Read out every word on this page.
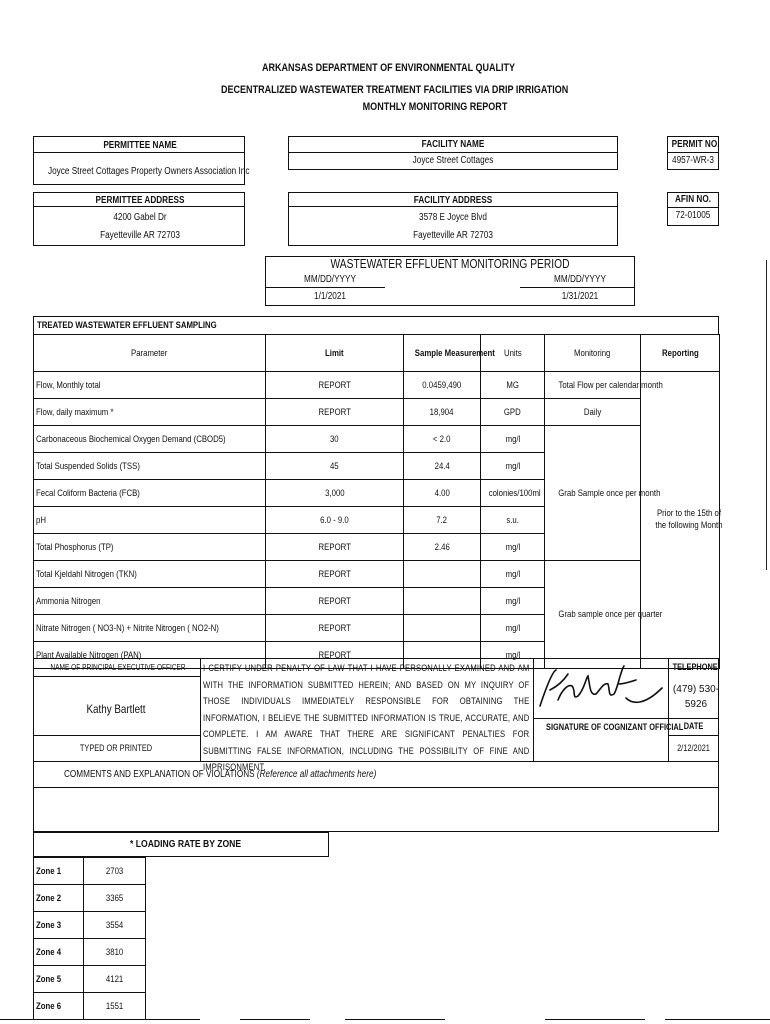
ARKANSAS DEPARTMENT OF ENVIRONMENTAL QUALITY
DECENTRALIZED WASTEWATER TREATMENT FACILITIES VIA DRIP IRRIGATION
MONTHLY MONITORING REPORT
PERMITTEE NAME
Joyce Street Cottages Property Owners Association Inc
PERMITTEE ADDRESS
4200 Gabel Dr
Fayetteville AR 72703
FACILITY NAME
Joyce Street Cottages
FACILITY ADDRESS
3578 E Joyce Blvd
Fayetteville AR 72703
PERMIT NO.
4957-WR-3
AFIN NO.
72-01005
WASTEWATER EFFLUENT MONITORING PERIOD
MM/DD/YYYY
1/1/2021
MM/DD/YYYY
1/31/2021
TREATED WASTEWATER EFFLUENT SAMPLING
Parameter	Limit	Sample Measurement	Units	Monitoring	Reporting
Flow, Monthly total	REPORT	0.0459,490	MG	Total Flow per calendar month	Prior to the 15th of the following Month
Flow, daily maximum *	REPORT	18,904	GPD	Daily	
Carbonaceous Biochemical Oxygen Demand (CBOD5)	30	< 2.0	mg/l	Grab Sample once per month	
Total Suspended Solids (TSS)	45	24.4	mg/l		
Fecal Coliform Bacteria (FCB)	3,000	4.00	colonies/100ml		
pH	6.0 - 9.0	7.2	s.u.		
Total Phosphorus (TP)	REPORT	2.46	mg/l		
Total Kjeldahl Nitrogen (TKN)	REPORT		mg/l	Grab sample once per quarter	
Ammonia Nitrogen	REPORT		mg/l		
Nitrate Nitrogen ( NO3-N) + Nitrite Nitrogen ( NO2-N)	REPORT		mg/l		
Plant Available Nitrogen (PAN)	REPORT		mg/l		
NAME OF PRINCIPAL EXECUTIVE OFFICER
Kathy Bartlett
TYPED OR PRINTED
I CERTIFY UNDER PENALTY OF LAW THAT I HAVE PERSONALLY EXAMINED AND AM WITH THE INFORMATION SUBMITTED HEREIN; AND BASED ON MY INQUIRY OF THOSE INDIVIDUALS IMMEDIATELY RESPONSIBLE FOR OBTAINING THE INFORMATION, I BELIEVE THE SUBMITTED INFORMATION IS TRUE, ACCURATE, AND COMPLETE. I AM AWARE THAT THERE ARE SIGNIFICANT PENALTIES FOR SUBMITTING FALSE INFORMATION, INCLUDING THE POSSIBILITY OF FINE AND IMPRISONMENT.
SIGNATURE OF COGNIZANT OFFICIAL
TELEPHONE
(479) 530-5926
DATE
2/12/2021
COMMENTS AND EXPLANATION OF VIOLATIONS (Reference all attachments here)
* LOADING RATE BY ZONE
Zone 1	2703
Zone 2	3365
Zone 3	3554
Zone 4	3810
Zone 5	4121
Zone 6	1551
